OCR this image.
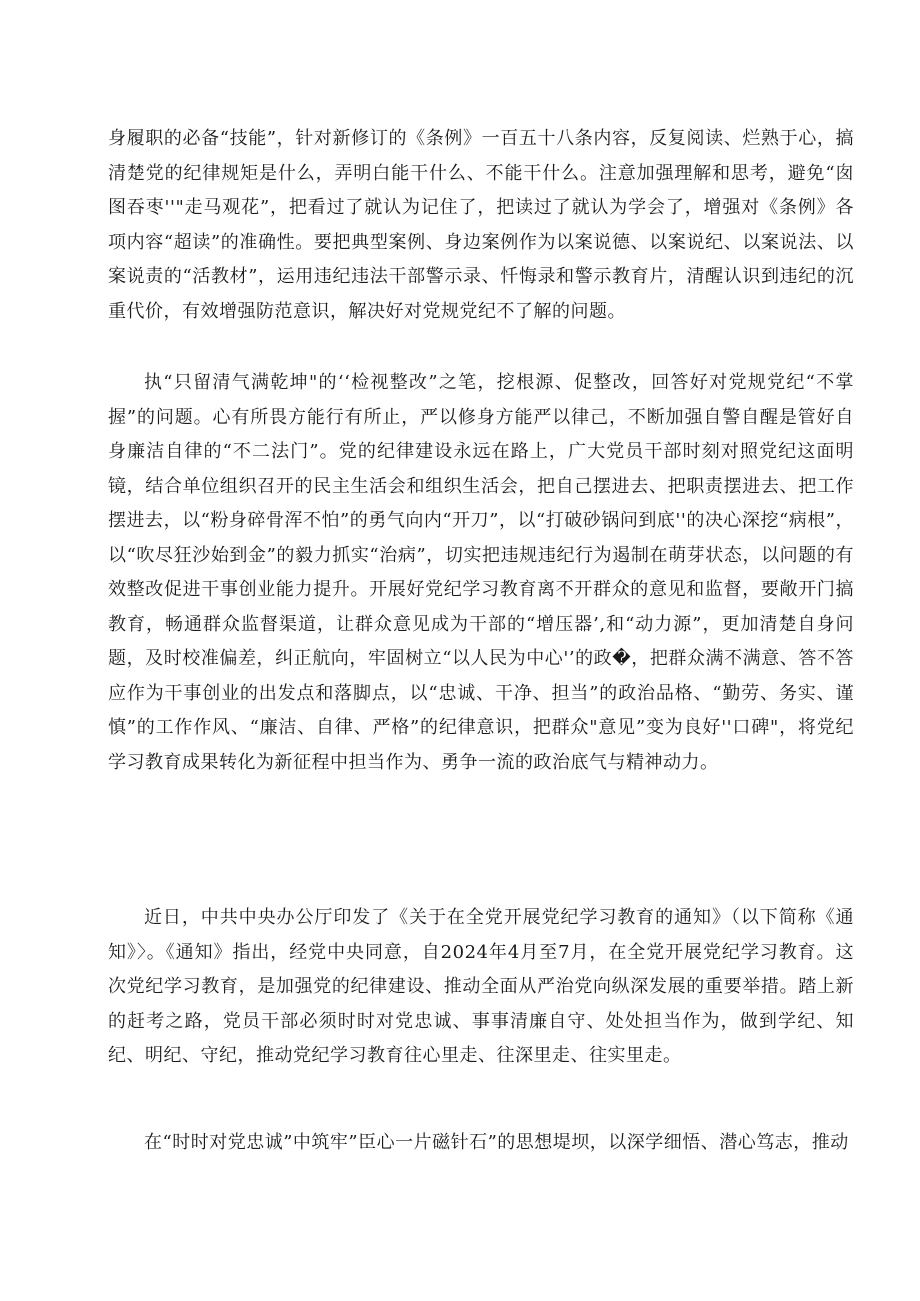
身履职的必备“技能”，针对新修订的《条例》一百五十八条内容，反复阅读、烂熟于心，搞清楚党的纪律规矩是什么，弄明白能干什么、不能干什么。注意加强理解和思考，避免“囱图吞枣''"走马观花”，把看过了就认为记住了，把读过了就认为学会了，增强对《条例》各项内容“超读”的准确性。要把典型案例、身边案例作为以案说德、以案说纪、以案说法、以案说责的“活教材”，运用违纪违法干部警示录、忏悔录和警示教育片，清醒认识到违纪的沉重代价，有效增强防范意识，解决好对党规党纪不了解的问题。

执“只留清气满乾坤"的‘‘检视整改”之笔，挖根源、促整改，回答好对党规党纪“不掌握”的问题。心有所畏方能行有所止，严以修身方能严以律己，不断加强自警自醒是管好自身廉洁自律的“不二法门”。党的纪律建设永远在路上，广大党员干部时刻对照党纪这面明镜，结合单位组织召开的民主生活会和组织生活会，把自己摆进去、把职责摆进去、把工作摆进去，以“粉身碎骨浑不怕”的勇气向内“开刀”，以“打破砂锅问到底''的决心深挖“病根”，以“吹尽狂沙始到金”的毅力抓实“治病”，切实把违规违纪行为遏制在萌芽状态，以问题的有效整改促进干事创业能力提升。开展好党纪学习教育离不开群众的意见和监督，要敞开门搞教育，畅通群众监督渠道，让群众意见成为干部的“增压器’,和“动力源”，更加清楚自身问题，及时校准偏差，纠正航向，牢固树立“以人民为中心'’的政�，把群众满不满意、答不答应作为干事创业的出发点和落脚点，以“忠诚、干净、担当”的政治品格、“勤劳、务实、谨慎”的工作作风、“廉洁、自律、严格”的纪律意识，把群众"意见”变为良好''口碑"，将党纪学习教育成果转化为新征程中担当作为、勇争一流的政治底气与精神动力。

近日，中共中央办公厅印发了《关于在全党开展党纪学习教育的通知》（以下简称《通知》〉。《通知》指出，经党中央同意，自2024年4月至7月，在全党开展党纪学习教育。这次党纪学习教育，是加强党的纪律建设、推动全面从严治党向纵深发展的重要举措。踏上新的赶考之路，党员干部必须时时对党忠诚、事事清廉自守、处处担当作为，做到学纪、知纪、明纪、守纪，推动党纪学习教育往心里走、往深里走、往实里走。

在“时时对党忠诚”中筑牢”臣心一片磁针石”的思想堤坝，以深学细悟、潜心笃志，推动
